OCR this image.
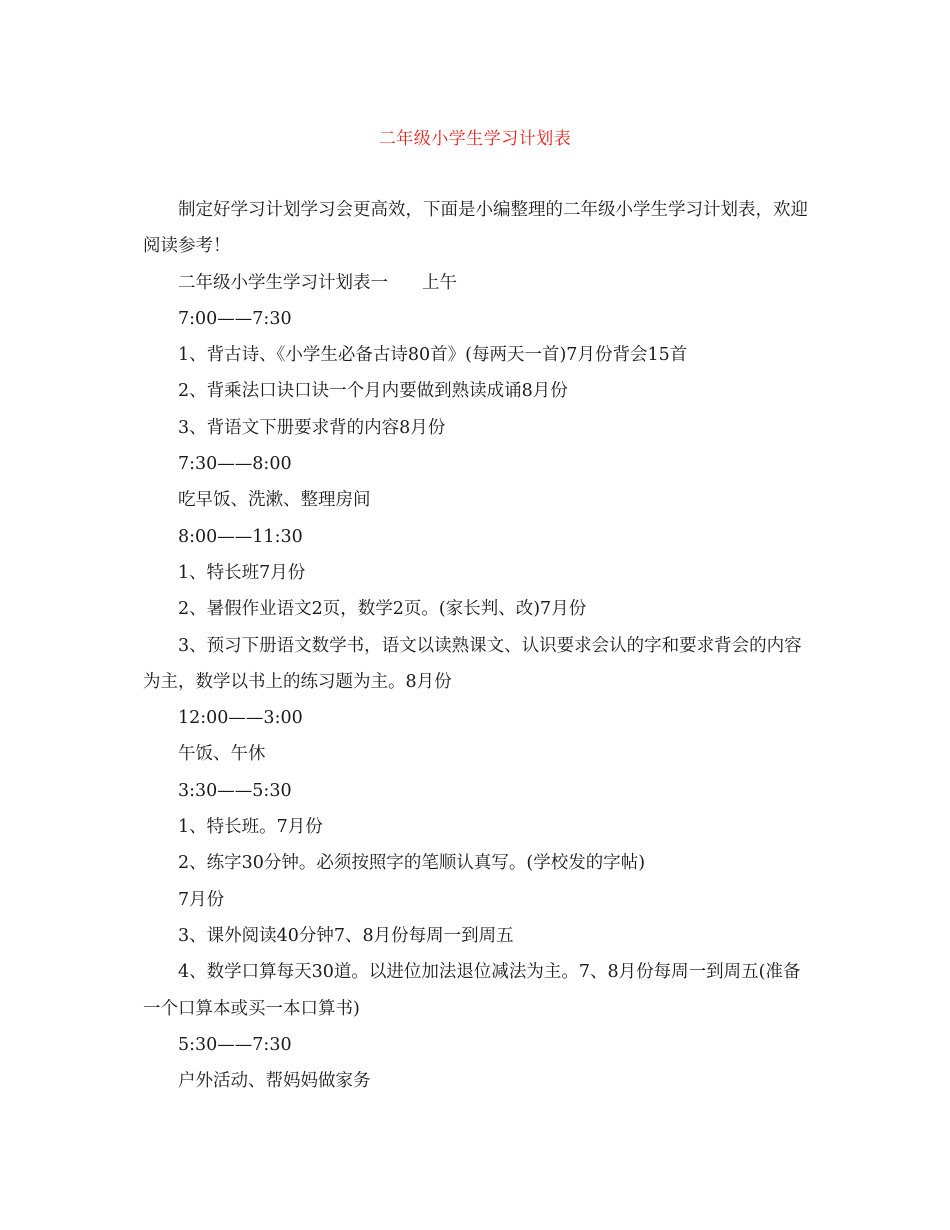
二年级小学生学习计划表

制定好学习计划学习会更高效，下面是小编整理的二年级小学生学习计划表，欢迎阅读参考！

二年级小学生学习计划表一 上午

7:00——7:30

1、背古诗、《小学生必备古诗80首》(每两天一首)7月份背会15首

2、背乘法口诀口诀一个月内要做到熟读成诵8月份

3、背语文下册要求背的内容8月份

7:30——8:00

吃早饭、洗漱、整理房间

8:00——11:30

1、特长班7月份

2、暑假作业语文2页，数学2页。(家长判、改)7月份

3、预习下册语文数学书，语文以读熟课文、认识要求会认的字和要求背会的内容为主，数学以书上的练习题为主。8月份

12:00——3:00

午饭、午休

3:30——5:30

1、特长班。7月份

2、练字30分钟。必须按照字的笔顺认真写。(学校发的字帖)

7月份

3、课外阅读40分钟7、8月份每周一到周五

4、数学口算每天30道。以进位加法退位减法为主。7、8月份每周一到周五(准备一个口算本或买一本口算书)

5:30——7:30

户外活动、帮妈妈做家务
